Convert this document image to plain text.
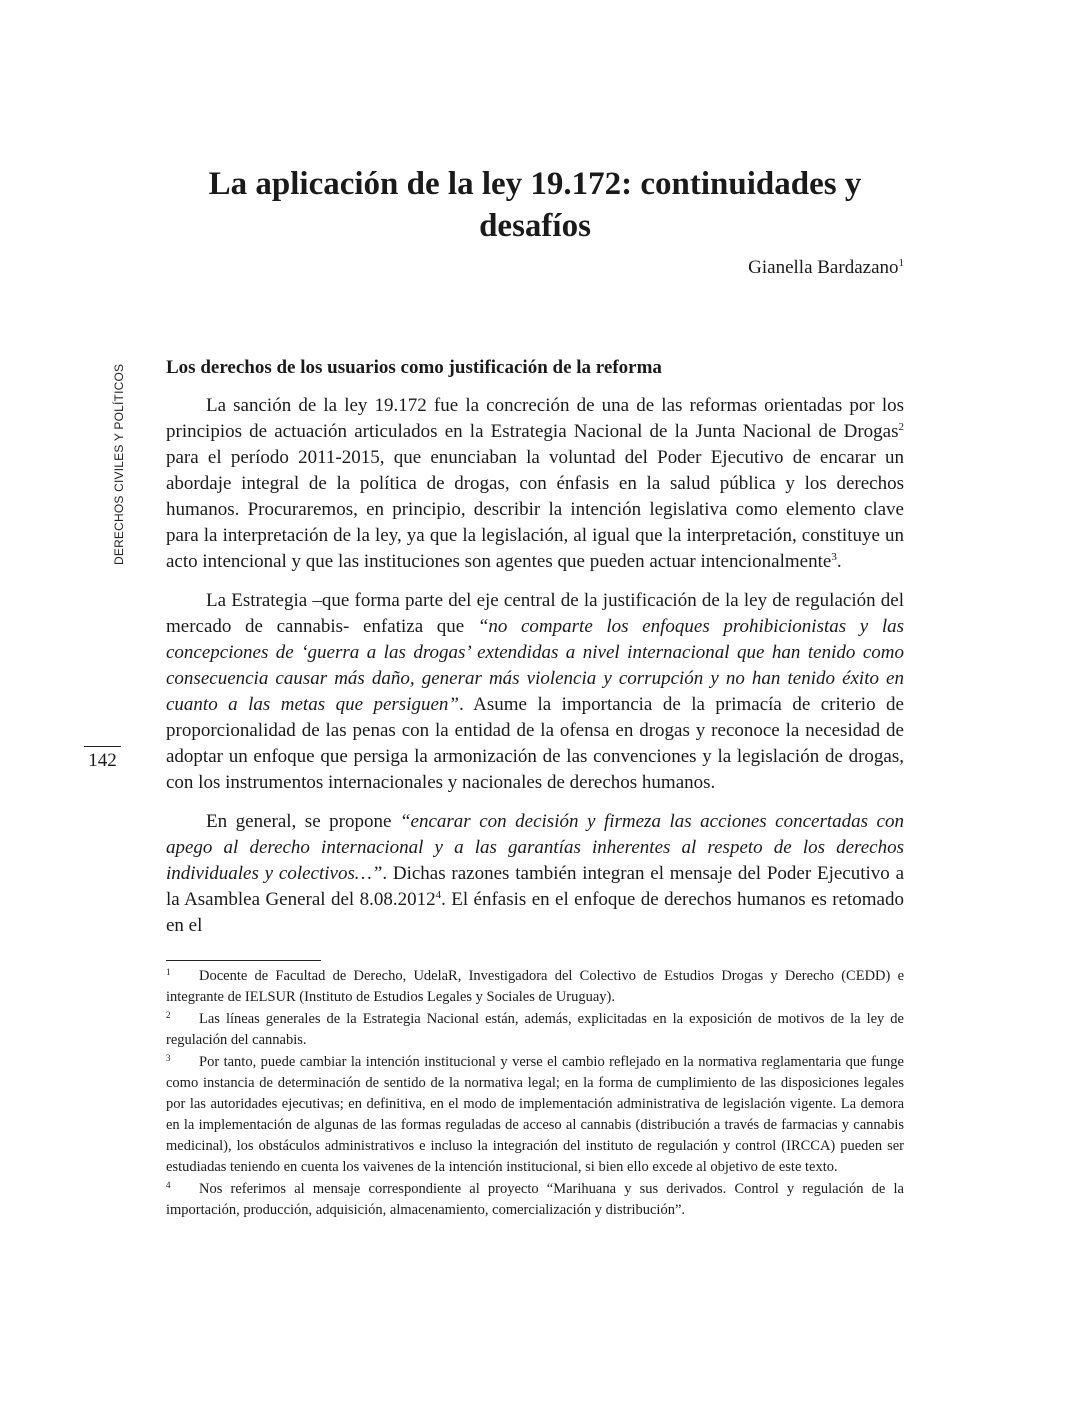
La aplicación de la ley 19.172: continuidades y desafíos
Gianella Bardazano$^1$
DERECHOS CIVILES Y POLÍTICOS
142
Los derechos de los usuarios como justificación de la reforma

La sanción de la ley 19.172 fue la concreción de una de las reformas orientadas por los principios de actuación articulados en la Estrategia Nacional de la Junta Nacional de Drogas$^2$ para el período 2011-2015, que enunciaban la voluntad del Poder Ejecutivo de encarar un abordaje integral de la política de drogas, con énfasis en la salud pública y los derechos humanos. Procuraremos, en principio, describir la intención legislativa como elemento clave para la interpretación de la ley, ya que la legislación, al igual que la interpretación, constituye un acto intencional y que las instituciones son agentes que pueden actuar intencionalmente$^3$.

La Estrategia –que forma parte del eje central de la justificación de la ley de regulación del mercado de cannabis- enfatiza que “no comparte los enfoques prohibicionistas y las concepciones de ‘guerra a las drogas’ extendidas a nivel internacional que han tenido como consecuencia causar más daño, generar más violencia y corrupción y no han tenido éxito en cuanto a las metas que persiguen”. Asume la importancia de la primacía de criterio de proporcionalidad de las penas con la entidad de la ofensa en drogas y reconoce la necesidad de adoptar un enfoque que persiga la armonización de las convenciones y la legislación de drogas, con los instrumentos internacionales y nacionales de derechos humanos.

En general, se propone “encarar con decisión y firmeza las acciones concertadas con apego al derecho internacional y a las garantías inherentes al respeto de los derechos individuales y colectivos…”. Dichas razones también integran el mensaje del Poder Ejecutivo a la Asamblea General del 8.08.2012$^4$. El énfasis en el enfoque de derechos humanos es retomado en el

1 Docente de Facultad de Derecho, UdelaR, Investigadora del Colectivo de Estudios Drogas y Derecho (CEDD) e integrante de IELSUR (Instituto de Estudios Legales y Sociales de Uruguay).

2 Las líneas generales de la Estrategia Nacional están, además, explicitadas en la exposición de motivos de la ley de regulación del cannabis.

3 Por tanto, puede cambiar la intención institucional y verse el cambio reflejado en la normativa reglamentaria que funge como instancia de determinación de sentido de la normativa legal; en la forma de cumplimiento de las disposiciones legales por las autoridades ejecutivas; en definitiva, en el modo de implementación administrativa de legislación vigente. La demora en la implementación de algunas de las formas reguladas de acceso al cannabis (distribución a través de farmacias y cannabis medicinal), los obstáculos administrativos e incluso la integración del instituto de regulación y control (IRCCA) pueden ser estudiadas teniendo en cuenta los vaivenes de la intención institucional, si bien ello excede al objetivo de este texto.

4 Nos referimos al mensaje correspondiente al proyecto “Marihuana y sus derivados. Control y regulación de la importación, producción, adquisición, almacenamiento, comercialización y distribución”.
